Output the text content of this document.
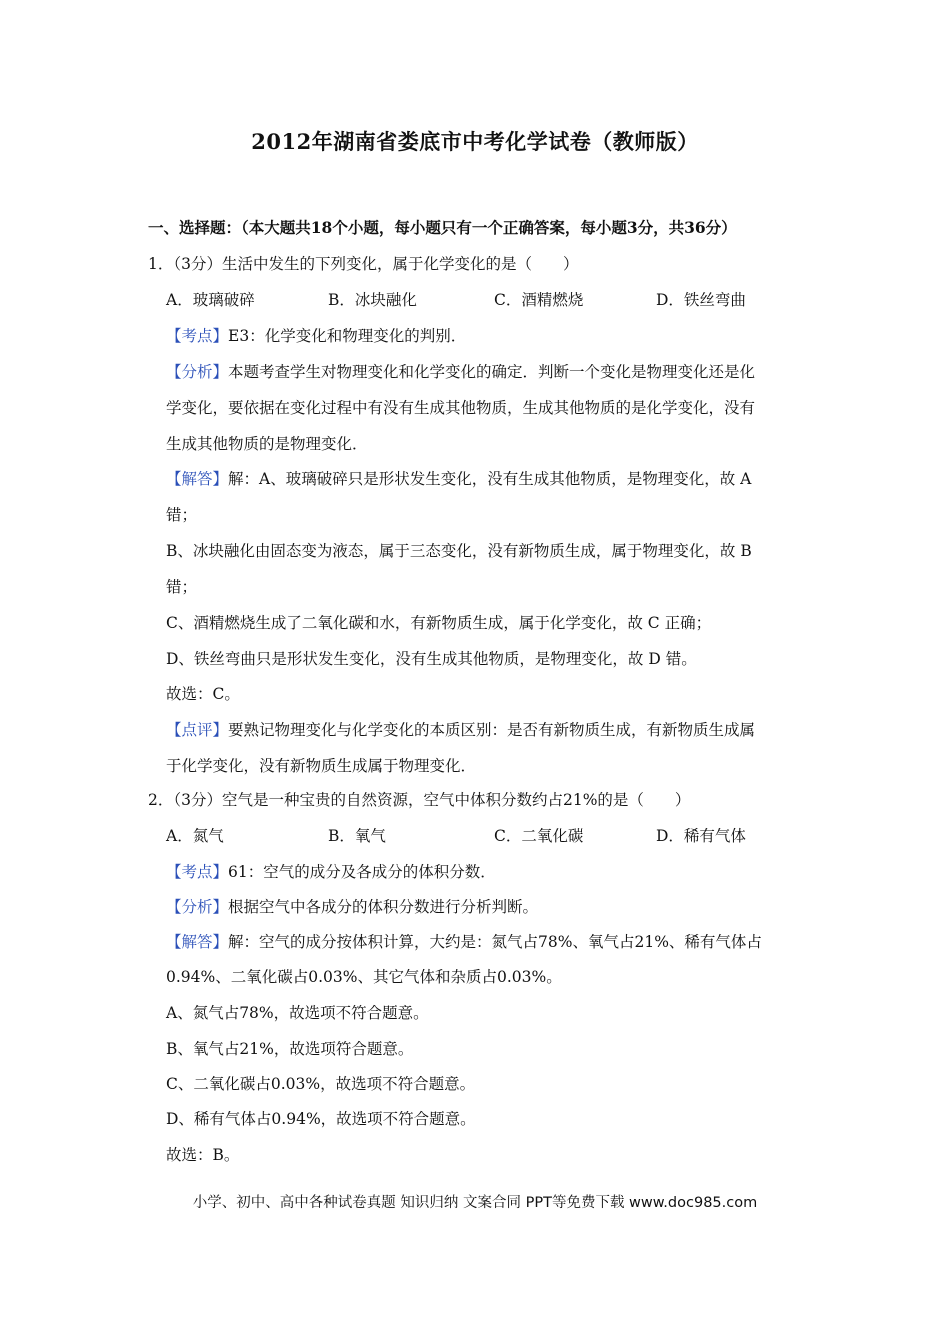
2012年湖南省娄底市中考化学试卷（教师版）
一、选择题：（本大题共18个小题，每小题只有一个正确答案，每小题3分，共36分）
1．（3分）生活中发生的下列变化，属于化学变化的是（　　）
A．玻璃破碎	B．冰块融化	C．酒精燃烧	D．铁丝弯曲
【考点】E3：化学变化和物理变化的判别．
【分析】本题考查学生对物理变化和化学变化的确定．判断一个变化是物理变化还是化
学变化，要依据在变化过程中有没有生成其他物质，生成其他物质的是化学变化，没有
生成其他物质的是物理变化．
【解答】解：A、玻璃破碎只是形状发生变化，没有生成其他物质，是物理变化，故 A
错；
B、冰块融化由固态变为液态，属于三态变化，没有新物质生成，属于物理变化，故 B
错；
C、酒精燃烧生成了二氧化碳和水，有新物质生成，属于化学变化，故 C 正确；
D、铁丝弯曲只是形状发生变化，没有生成其他物质，是物理变化，故 D 错。
故选：C。
【点评】要熟记物理变化与化学变化的本质区别：是否有新物质生成，有新物质生成属
于化学变化，没有新物质生成属于物理变化．
2．（3分）空气是一种宝贵的自然资源，空气中体积分数约占21%的是（　　）
A．氮气	B．氧气	C．二氧化碳	D．稀有气体
【考点】61：空气的成分及各成分的体积分数．
【分析】根据空气中各成分的体积分数进行分析判断。
【解答】解：空气的成分按体积计算，大约是：氮气占78%、氧气占21%、稀有气体占
0.94%、二氧化碳占0.03%、其它气体和杂质占0.03%。
A、氮气占78%，故选项不符合题意。
B、氧气占21%，故选项符合题意。
C、二氧化碳占0.03%，故选项不符合题意。
D、稀有气体占0.94%，故选项不符合题意。
故选：B。
小学、初中、高中各种试卷真题 知识归纳 文案合同 PPT等免费下载 www.doc985.com
